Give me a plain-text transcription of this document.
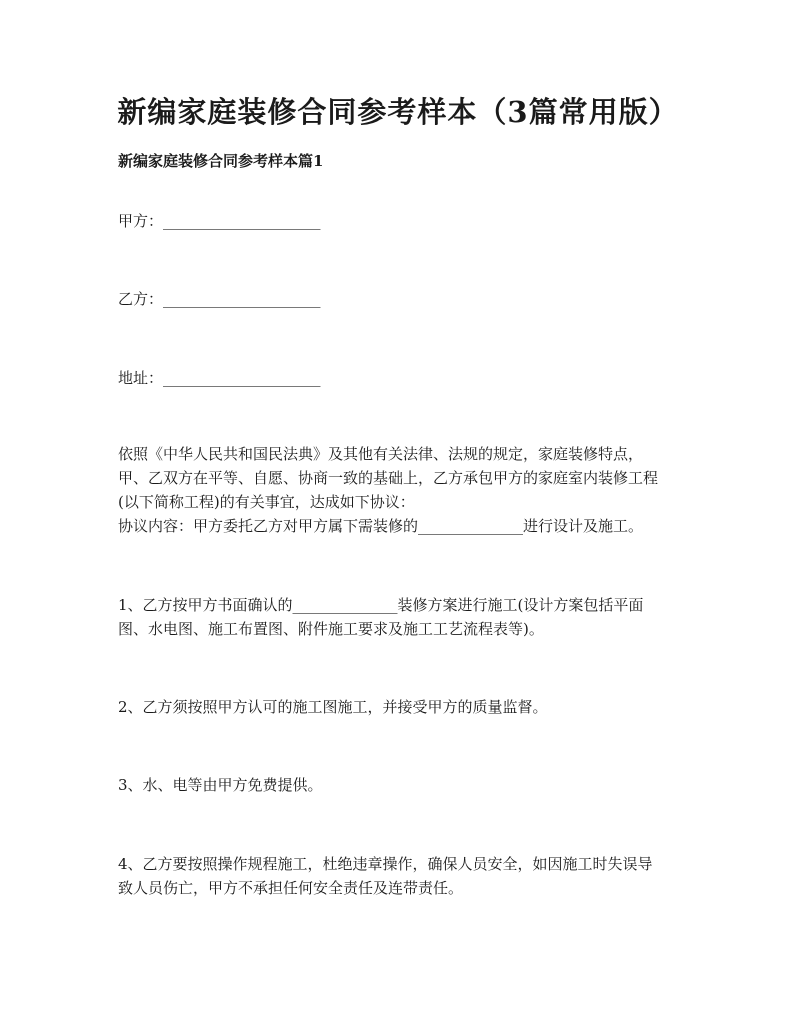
新编家庭装修合同参考样本（3篇常用版）
新编家庭装修合同参考样本篇1
甲方：_____________________
乙方：_____________________
地址：_____________________
依照《中华人民共和国民法典》及其他有关法律、法规的规定，家庭装修特点，
甲、乙双方在平等、自愿、协商一致的基础上，乙方承包甲方的家庭室内装修工程
(以下简称工程)的有关事宜，达成如下协议：
协议内容：甲方委托乙方对甲方属下需装修的______________进行设计及施工。
1、乙方按甲方书面确认的______________装修方案进行施工(设计方案包括平面
图、水电图、施工布置图、附件施工要求及施工工艺流程表等)。
2、乙方须按照甲方认可的施工图施工，并接受甲方的质量监督。
3、水、电等由甲方免费提供。
4、乙方要按照操作规程施工，杜绝违章操作，确保人员安全，如因施工时失误导
致人员伤亡，甲方不承担任何安全责任及连带责任。
